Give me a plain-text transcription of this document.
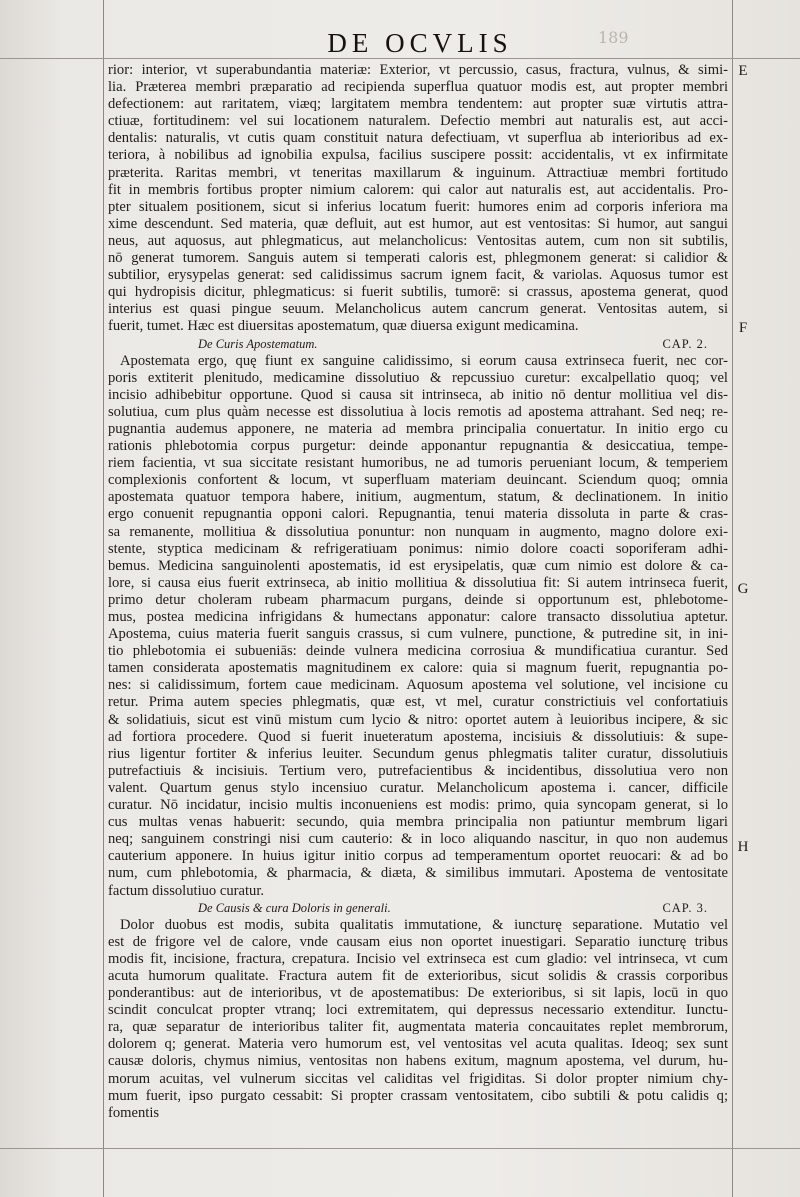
189
DE OCVLIS
rior: interior, vt superabundantia materiæ: Exterior, vt percussio, casus, fractura, vulnus, & simi-
lia. Præterea membri præparatio ad recipienda superflua quatuor modis est, aut propter membri
defectionem: aut raritatem, viæq; largitatem membra tendentem: aut propter suæ virtutis attra-
ctiuæ, fortitudinem: vel sui locationem naturalem. Defectio membri aut naturalis est, aut acci-
dentalis: naturalis, vt cutis quam constituit natura defectiuam, vt superflua ab interioribus ad ex-
teriora, à nobilibus ad ignobilia expulsa, facilius suscipere possit: accidentalis, vt ex infirmitate
præterita. Raritas membri, vt teneritas maxillarum & inguinum. Attractiuæ membri fortitudo
fit in membris fortibus propter nimium calorem: qui calor aut naturalis est, aut accidentalis. Pro-
pter situalem positionem, sicut si inferius locatum fuerit: humores enim ad corporis inferiora ma
xime descendunt. Sed materia, quæ defluit, aut est humor, aut est ventositas: Si humor, aut sangui
neus, aut aquosus, aut phlegmaticus, aut melancholicus: Ventositas autem, cum non sit subtilis,
nō generat tumorem. Sanguis autem si temperati caloris est, phlegmonem generat: si calidior &
subtilior, erysypelas generat: sed calidissimus sacrum ignem facit, & variolas. Aquosus tumor est
qui hydropisis dicitur, phlegmaticus: si fuerit subtilis, tumorē: si crassus, apostema generat, quod
interius est quasi pingue seuum. Melancholicus autem cancrum generat. Ventositas autem, si
fuerit, tumet. Hæc est diuersitas apostematum, quæ diuersa exigunt medicamina.
De Curis Apostematum.	CAP. 2.
Apostemata ergo, quę fiunt ex sanguine calidissimo, si eorum causa extrinseca fuerit, nec cor-
poris extiterit plenitudo, medicamine dissolutiuo & repcussiuo curetur: excalpellatio quoq; vel
incisio adhibebitur opportune. Quod si causa sit intrinseca, ab initio nō dentur mollitiua vel dis-
solutiua, cum plus quàm necesse est dissolutiua à locis remotis ad apostema attrahant. Sed neq; re-
pugnantia audemus apponere, ne materia ad membra principalia conuertatur. In initio ergo cu
rationis phlebotomia corpus purgetur: deinde apponantur repugnantia & desiccatiua, tempe-
riem facientia, vt sua siccitate resistant humoribus, ne ad tumoris perueniant locum, & temperiem
complexionis confortent & locum, vt superfluam materiam deuincant. Sciendum quoq; omnia
apostemata quatuor tempora habere, initium, augmentum, statum, & declinationem. In initio
ergo conuenit repugnantia opponi calori. Repugnantia, tenui materia dissoluta in parte & cras-
sa remanente, mollitiua & dissolutiua ponuntur: non nunquam in augmento, magno dolore exi-
stente, styptica medicinam & refrigeratiuam ponimus: nimio dolore coacti soporiferam adhi-
bemus. Medicina sanguinolenti apostematis, id est erysipelatis, quæ cum nimio est dolore & ca-
lore, si causa eius fuerit extrinseca, ab initio mollitiua & dissolutiua fit: Si autem intrinseca fuerit,
primo detur choleram rubeam pharmacum purgans, deinde si opportunum est, phlebotome-
mus, postea medicina infrigidans & humectans apponatur: calore transacto dissolutiua aptetur.
Apostema, cuius materia fuerit sanguis crassus, si cum vulnere, punctione, & putredine sit, in ini-
tio phlebotomia ei subueniās: deinde vulnera medicina corrosiua & mundificatiua curantur. Sed
tamen considerata apostematis magnitudinem ex calore: quia si magnum fuerit, repugnantia po-
nes: si calidissimum, fortem caue medicinam. Aquosum apostema vel solutione, vel incisione cu
retur. Prima autem species phlegmatis, quæ est, vt mel, curatur constrictiuis vel confortatiuis
& solidatiuis, sicut est vinū mistum cum lycio & nitro: oportet autem à leuioribus incipere, & sic
ad fortiora procedere. Quod si fuerit inueteratum apostema, incisiuis & dissolutiuis: & supe-
rius ligentur fortiter & inferius leuiter. Secundum genus phlegmatis taliter curatur, dissolutiuis
putrefactiuis & incisiuis. Tertium vero, putrefacientibus & incidentibus, dissolutiua vero non
valent. Quartum genus stylo incensiuo curatur. Melancholicum apostema i. cancer, difficile
curatur. Nō incidatur, incisio multis inconueniens est modis: primo, quia syncopam generat, si lo
cus multas venas habuerit: secundo, quia membra principalia non patiuntur membrum ligari
neq; sanguinem constringi nisi cum cauterio: & in loco aliquando nascitur, in quo non audemus
cauterium apponere. In huius igitur initio corpus ad temperamentum oportet reuocari: & ad bo
num, cum phlebotomia, & pharmacia, & diæta, & similibus immutari. Apostema de ventositate
factum dissolutiuo curatur.
De Causis & cura Doloris in generali.	CAP. 3.
Dolor duobus est modis, subita qualitatis immutatione, & iuncturę separatione. Mutatio vel
est de frigore vel de calore, vnde causam eius non oportet inuestigari. Separatio iuncturę tribus
modis fit, incisione, fractura, crepatura. Incisio vel extrinseca est cum gladio: vel intrinseca, vt cum
acuta humorum qualitate. Fractura autem fit de exterioribus, sicut solidis & crassis corporibus
ponderantibus: aut de interioribus, vt de apostematibus: De exterioribus, si sit lapis, locū in quo
scindit conculcat propter vtranq; loci extremitatem, qui depressus necessario extenditur. Iunctu-
ra, quæ separatur de interioribus taliter fit, augmentata materia concauitates replet membrorum,
dolorem q; generat. Materia vero humorum est, vel ventositas vel acuta qualitas. Ideoq; sex sunt
causæ doloris, chymus nimius, ventositas non habens exitum, magnum apostema, vel durum, hu-
morum acuitas, vel vulnerum siccitas vel caliditas vel frigiditas. Si dolor propter nimium chy-
mum fuerit, ipso purgato cessabit: Si propter crassam ventositatem, cibo subtili & potu calidis q;
fomentis
E
F
G
H
